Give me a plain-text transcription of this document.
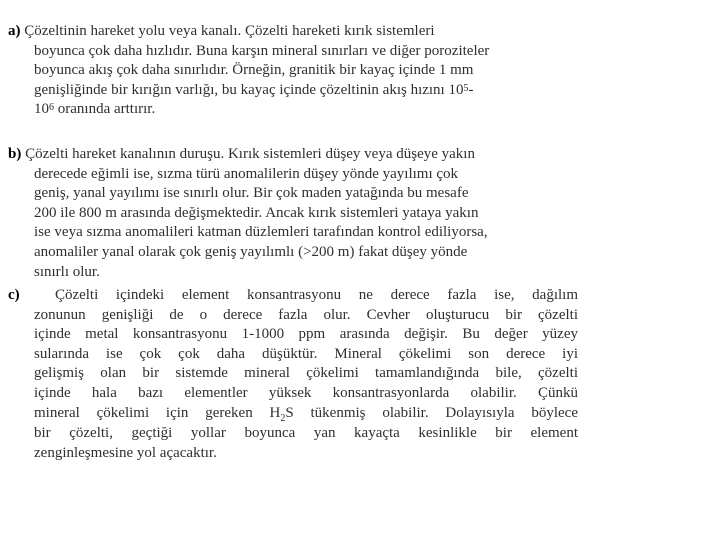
a) Çözeltinin hareket yolu veya kanalı. Çözelti hareketi kırık sistemleri
boyunca çok daha hızlıdır. Buna karşın mineral sınırları ve diğer poroziteler
boyunca akış çok daha sınırlıdır. Örneğin, granitik bir kayaç içinde 1 mm
genişliğinde bir kırığın varlığı, bu kayaç içinde çözeltinin akış hızını $10^5-$
$10^6$ oranında arttırır.
b) Çözelti hareket kanalının duruşu. Kırık sistemleri düşey veya düşeye yakın
derecede eğimli ise, sızma türü anomalilerin düşey yönde yayılımı çok
geniş, yanal yayılımı ise sınırlı olur. Bir çok maden yatağında bu mesafe
200 ile 800 m arasında değişmektedir. Ancak kırık sistemleri yataya yakın
ise veya sızma anomalileri katman düzlemleri tarafından kontrol ediliyorsa,
anomaliler yanal olarak çok geniş yayılımlı (>200 m) fakat düşey yönde
sınırlı olur.
c) Çözelti içindeki element konsantrasyonu ne derece fazla ise, dağılım
zonunun genişliği de o derece fazla olur. Cevher oluşturucu bir çözelti
içinde metal konsantrasyonu 1-1000 ppm arasında değişir. Bu değer yüzey
sularında ise çok çok daha düşüktür. Mineral çökelimi son derece iyi
gelişmiş olan bir sistemde mineral çökelimi tamamlandığında bile, çözelti
içinde hala bazı elementler yüksek konsantrasyonlarda olabilir. Çünkü
mineral çökelimi için gereken $H_2S$ tükenmiş olabilir. Dolayısıyla böylece
bir çözelti, geçtiği yollar boyunca yan kayaçta kesinlikle bir element
zenginleşmesine yol açacaktır.
